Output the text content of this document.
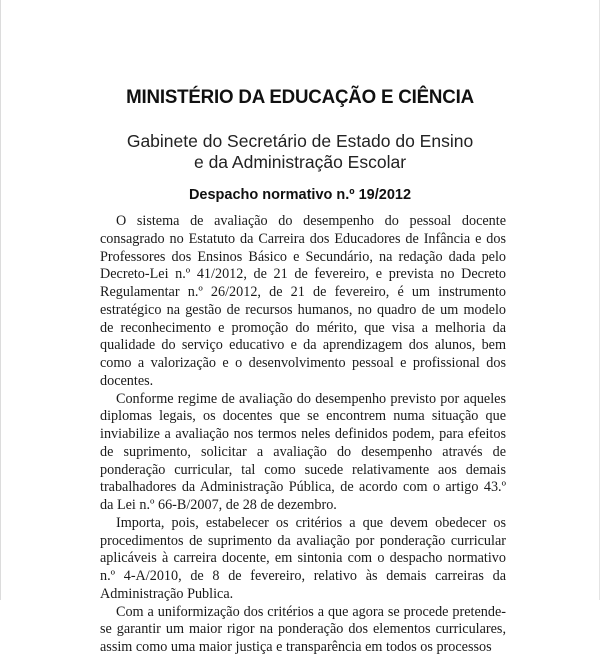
MINISTÉRIO DA EDUCAÇÃO E CIÊNCIA
Gabinete do Secretário de Estado do Ensino
e da Administração Escolar
Despacho normativo n.º 19/2012

O sistema de avaliação do desempenho do pessoal docente consagrado no Estatuto da Carreira dos Educadores de Infância e dos Professores dos Ensinos Básico e Secundário, na redação dada pelo Decreto-Lei n.º 41/2012, de 21 de fevereiro, e prevista no Decreto Regulamentar n.º 26/2012, de 21 de fevereiro, é um instrumento estratégico na gestão de recursos humanos, no quadro de um modelo de reconhecimento e promoção do mérito, que visa a melhoria da qualidade do serviço educativo e da aprendizagem dos alunos, bem como a valorização e o desenvolvimento pessoal e profissional dos docentes.

Conforme regime de avaliação do desempenho previsto por aqueles diplomas legais, os docentes que se encontrem numa situação que inviabilize a avaliação nos termos neles definidos podem, para efeitos de suprimento, solicitar a avaliação do desempenho através de ponderação curricular, tal como sucede relativamente aos demais trabalhadores da Administração Pública, de acordo com o artigo 43.º da Lei n.º 66-B/2007, de 28 de dezembro.

Importa, pois, estabelecer os critérios a que devem obedecer os procedimentos de suprimento da avaliação por ponderação curricular aplicáveis à carreira docente, em sintonia com o despacho normativo n.º 4-A/2010, de 8 de fevereiro, relativo às demais carreiras da Administração Publica.

Com a uniformização dos critérios a que agora se procede pretende-se garantir um maior rigor na ponderação dos elementos curriculares, assim como uma maior justiça e transparência em todos os processos
